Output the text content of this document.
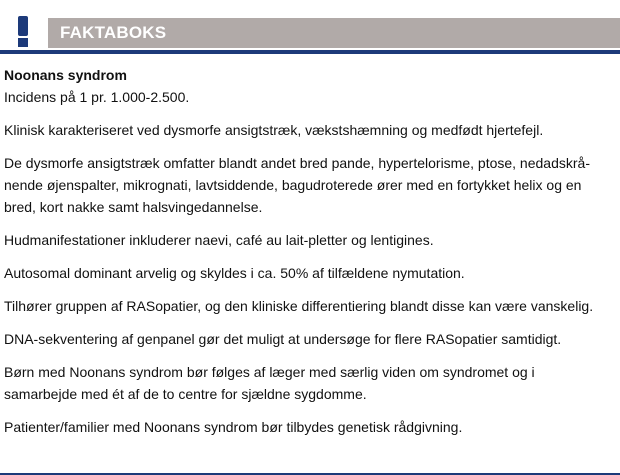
FAKTABOKS
Noonans syndrom

Incidens på 1 pr. 1.000-2.500.

Klinisk karakteriseret ved dysmorfe ansigtstræk, vækstshæmning og medfødt hjertefejl.

De dysmorfe ansigtstræk omfatter blandt andet bred pande, hypertelorisme, ptose, nedadskrå-nende øjenspalter, mikrognati, lavtsiddende, bagudroterede ører med en fortykket helix og en bred, kort nakke samt halsvingedannelse.

Hudmanifestationer inkluderer naevi, café au lait-pletter og lentigines.

Autosomal dominant arvelig og skyldes i ca. 50% af tilfældene nymutation.

Tilhører gruppen af RASopatier, og den kliniske differentiering blandt disse kan være vanskelig.

DNA-sekventering af genpanel gør det muligt at undersøge for flere RASopatier samtidigt.

Børn med Noonans syndrom bør følges af læger med særlig viden om syndromet og i samarbejde med ét af de to centre for sjældne sygdomme.

Patienter/familier med Noonans syndrom bør tilbydes genetisk rådgivning.
